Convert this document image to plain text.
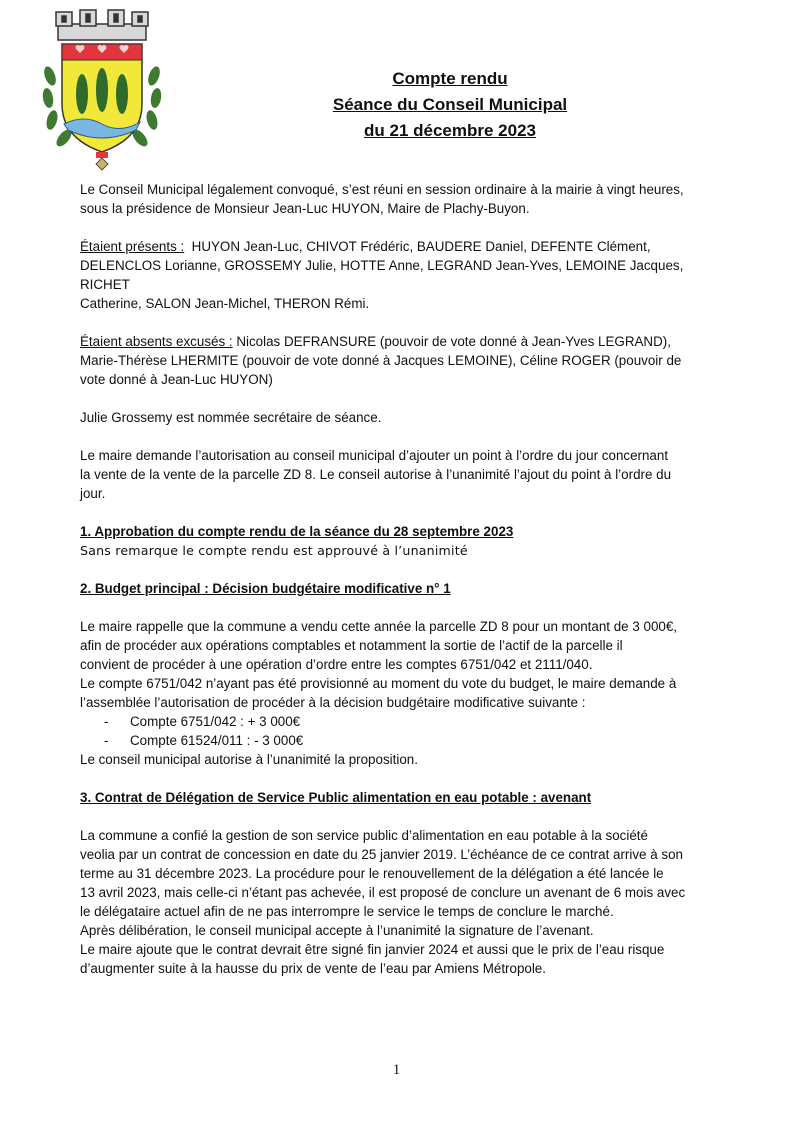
Compte rendu
Séance du Conseil Municipal
du 21 décembre 2023
Le Conseil Municipal légalement convoqué, s’est réuni en session ordinaire à la mairie à vingt heures,
sous la présidence de Monsieur Jean-Luc HUYON, Maire de Plachy-Buyon.
Étaient présents :  HUYON Jean-Luc, CHIVOT Frédéric, BAUDERE Daniel, DEFENTE Clément,
DELENCLOS Lorianne, GROSSEMY Julie, HOTTE Anne, LEGRAND Jean-Yves, LEMOINE Jacques, RICHET
Catherine, SALON Jean-Michel, THERON Rémi.
Étaient absents excusés : Nicolas DEFRANSURE (pouvoir de vote donné à Jean-Yves LEGRAND),
Marie-Thérèse LHERMITE (pouvoir de vote donné à Jacques LEMOINE), Céline ROGER (pouvoir de
vote donné à Jean-Luc HUYON)
Julie Grossemy est nommée secrétaire de séance.
Le maire demande l’autorisation au conseil municipal d’ajouter un point à l’ordre du jour concernant
la vente de la vente de la parcelle ZD 8. Le conseil autorise à l’unanimité l’ajout du point à l’ordre du
jour.
1. Approbation du compte rendu de la séance du 28 septembre 2023
Sans remarque le compte rendu est approuvé à l’unanimité
2. Budget principal : Décision budgétaire modificative n° 1
Le maire rappelle que la commune a vendu cette année la parcelle ZD 8 pour un montant de 3 000€,
afin de procéder aux opérations comptables et notamment la sortie de l’actif de la parcelle il
convient de procéder à une opération d’ordre entre les comptes 6751/042 et 2111/040.
Le compte 6751/042 n’ayant pas été provisionné au moment du vote du budget, le maire demande à
l’assemblée l’autorisation de procéder à la décision budgétaire modificative suivante :
- Compte 6751/042 : + 3 000€
- Compte 61524/011 : - 3 000€
Le conseil municipal autorise à l’unanimité la proposition.
3. Contrat de Délégation de Service Public alimentation en eau potable : avenant
La commune a confié la gestion de son service public d’alimentation en eau potable à la société
veolia par un contrat de concession en date du 25 janvier 2019. L’échéance de ce contrat arrive à son
terme au 31 décembre 2023. La procédure pour le renouvellement de la délégation a été lancée le
13 avril 2023, mais celle-ci n’étant pas achevée, il est proposé de conclure un avenant de 6 mois avec
le délégataire actuel afin de ne pas interrompre le service le temps de conclure le marché.
Après délibération, le conseil municipal accepte à l’unanimité la signature de l’avenant.
Le maire ajoute que le contrat devrait être signé fin janvier 2024 et aussi que le prix de l’eau risque
d’augmenter suite à la hausse du prix de vente de l’eau par Amiens Métropole.
1
